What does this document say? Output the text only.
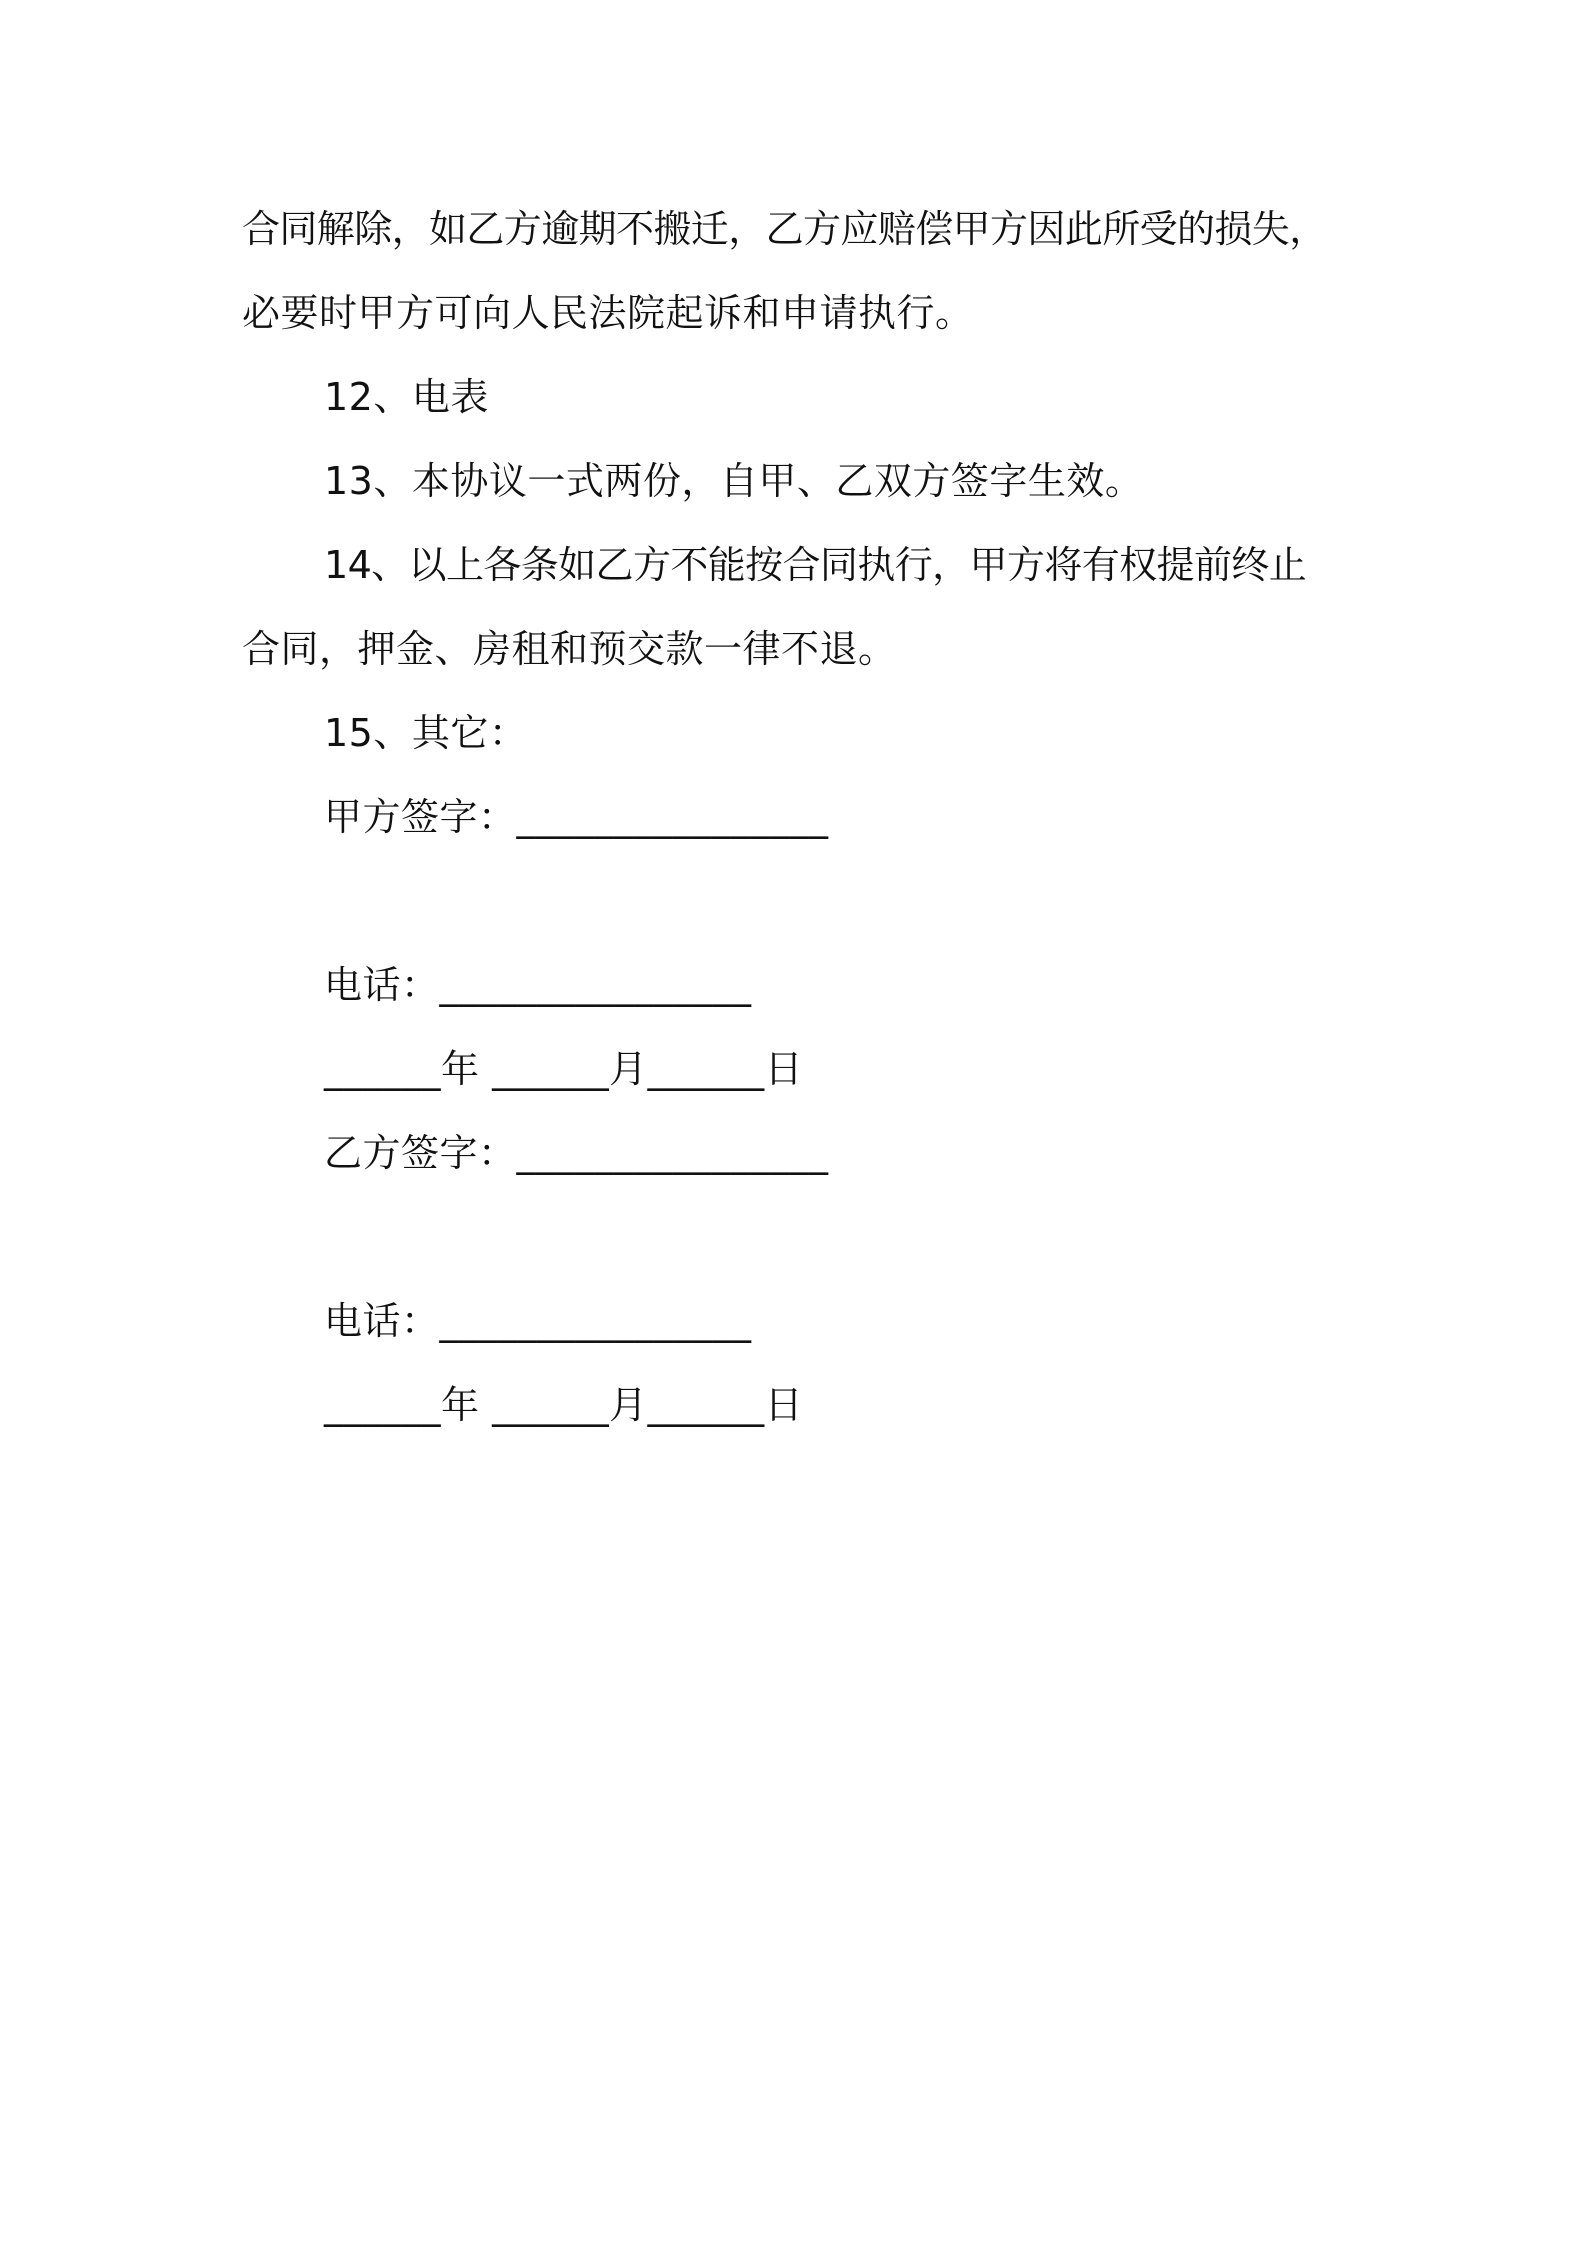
合同解除，如乙方逾期不搬迁，乙方应赔偿甲方因此所受的损失，
必要时甲方可向人民法院起诉和申请执行。
12、电表
13、本协议一式两份，自甲、乙双方签字生效。
14、以上各条如乙方不能按合同执行，甲方将有权提前终止
合同，押金、房租和预交款一律不退。
15、其它：
甲方签字：________________
电话：________________
______年 ______月______日
乙方签字：________________
电话：________________
______年 ______月______日
